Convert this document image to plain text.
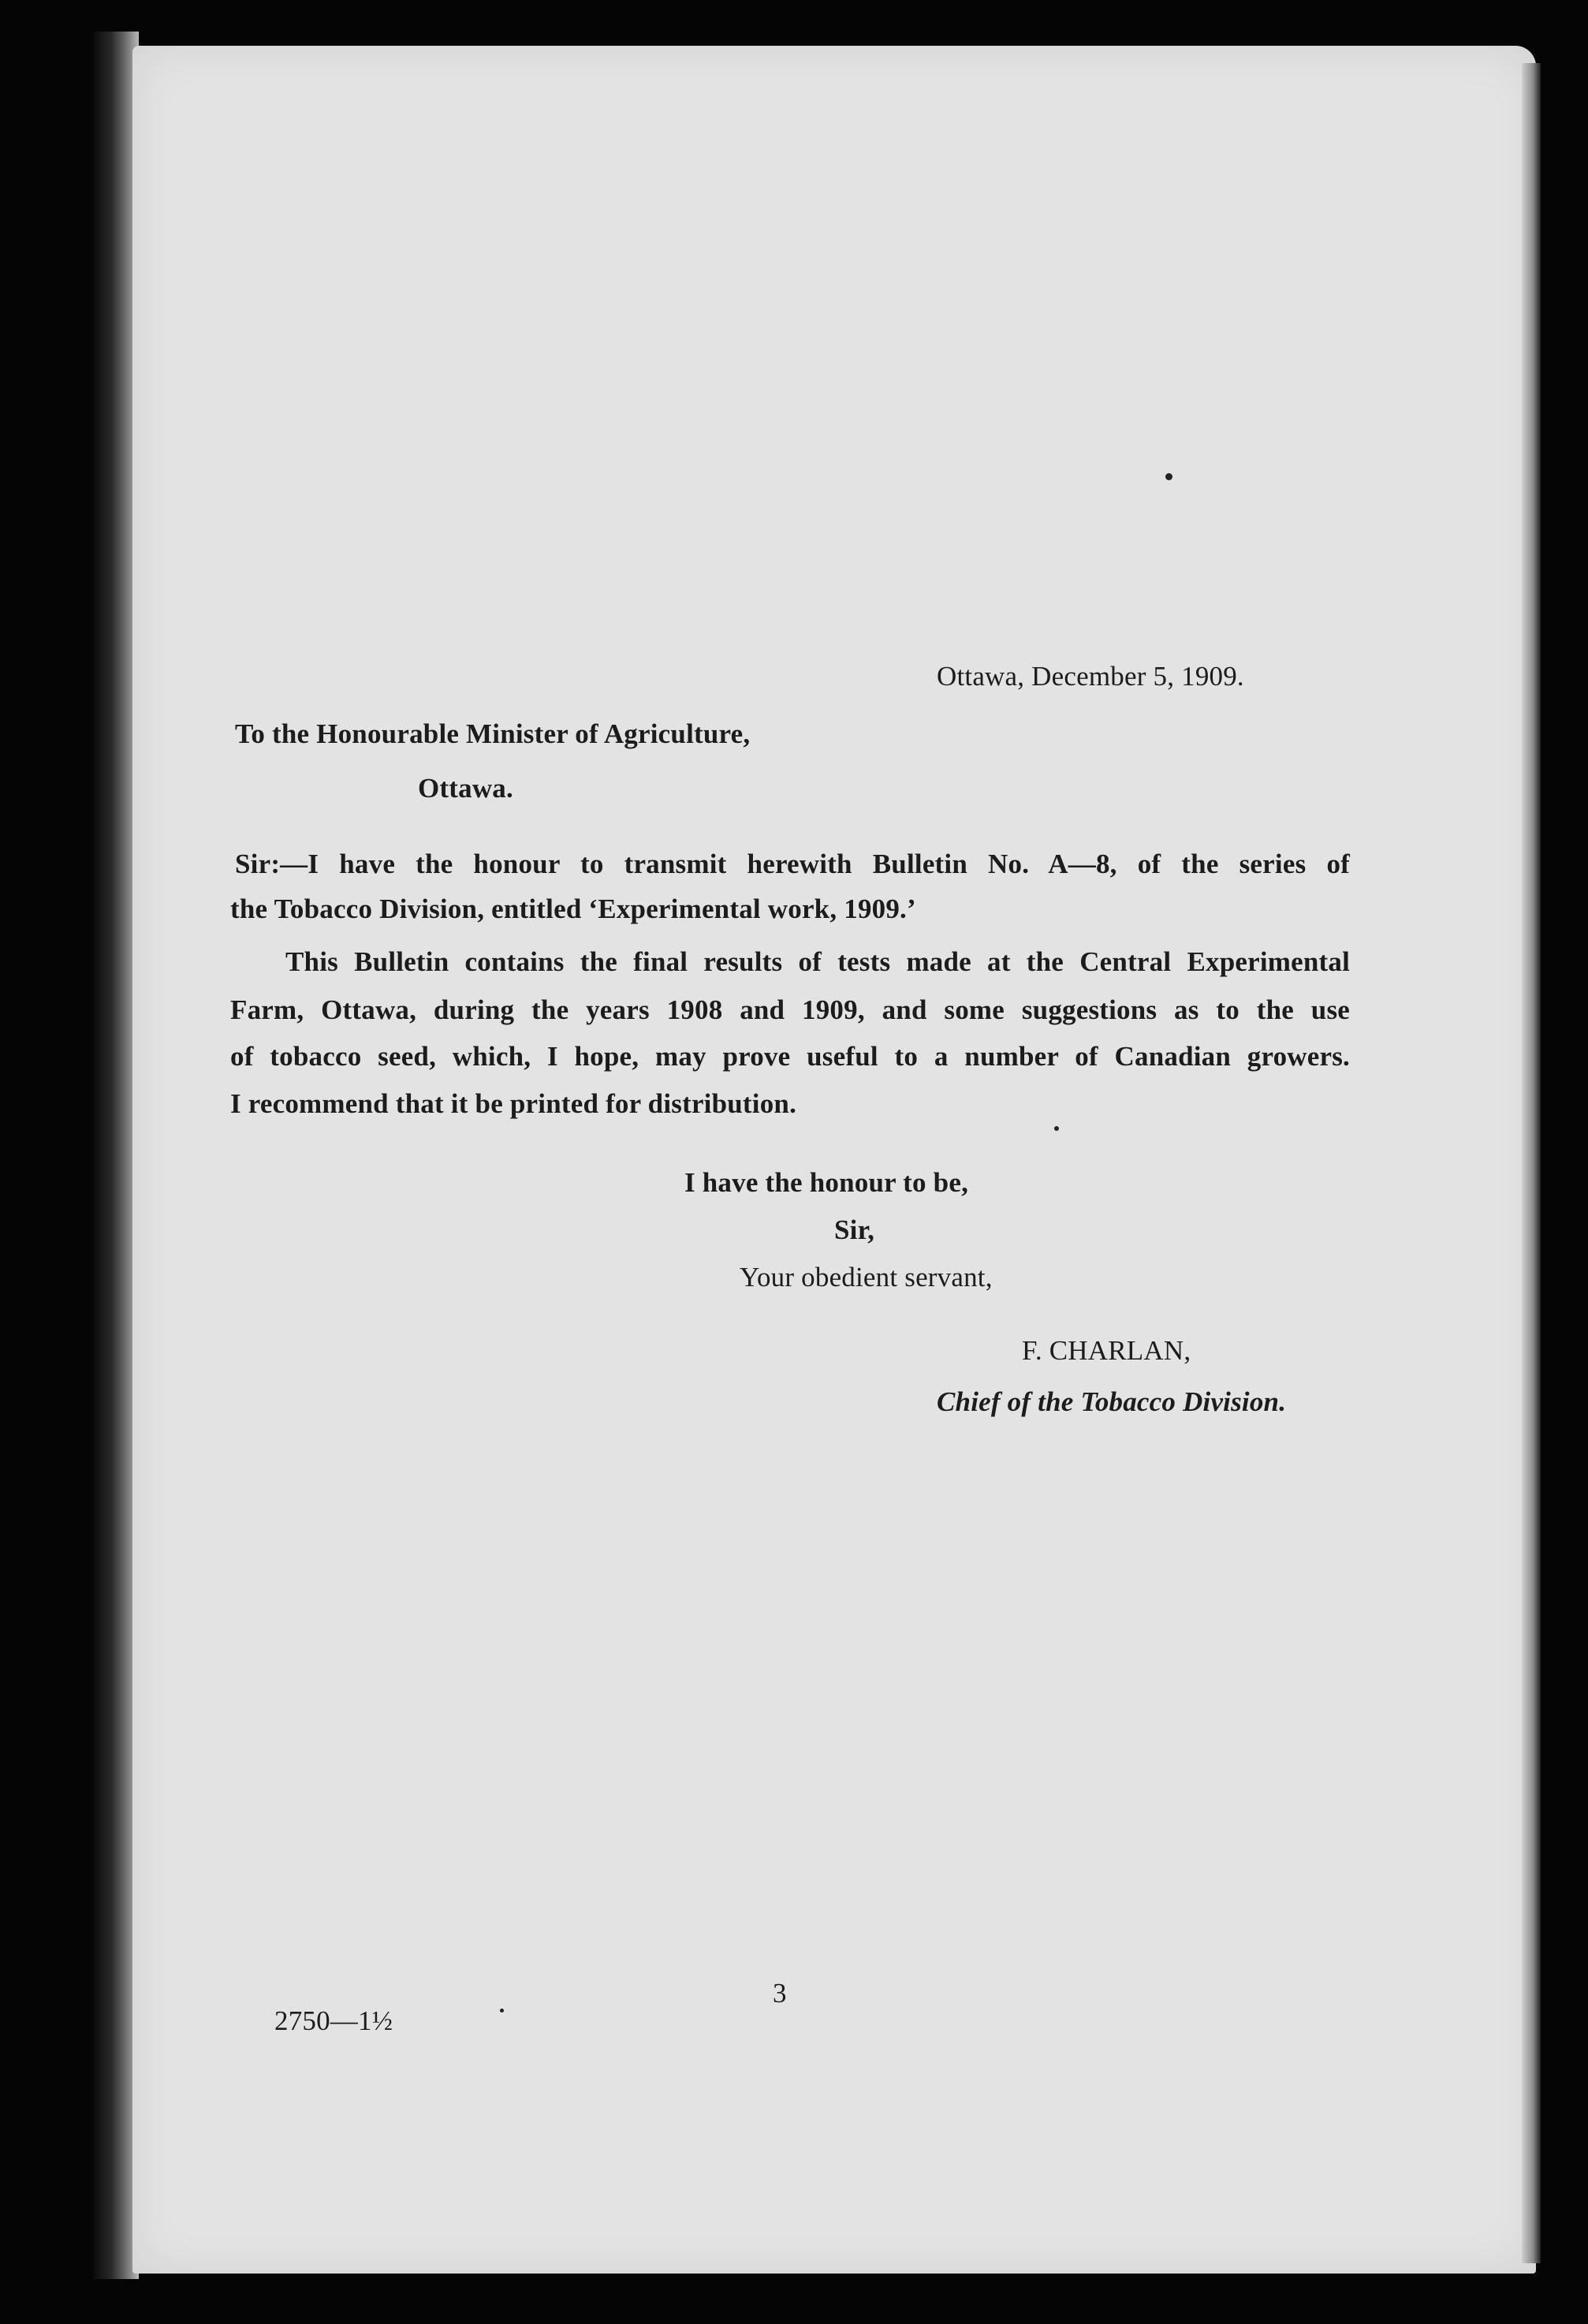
Ottawa, December 5, 1909.
To the Honourable Minister of Agriculture,
Ottawa.
Sir:—I have the honour to transmit herewith Bulletin No. A—8, of the series of
the Tobacco Division, entitled ‘Experimental work, 1909.’
This Bulletin contains the final results of tests made at the Central Experimental
Farm, Ottawa, during the years 1908 and 1909, and some suggestions as to the use
of tobacco seed, which, I hope, may prove useful to a number of Canadian growers.
I recommend that it be printed for distribution.
I have the honour to be,
Sir,
Your obedient servant,
F. CHARLAN,
Chief of the Tobacco Division.
3
2750—1½
